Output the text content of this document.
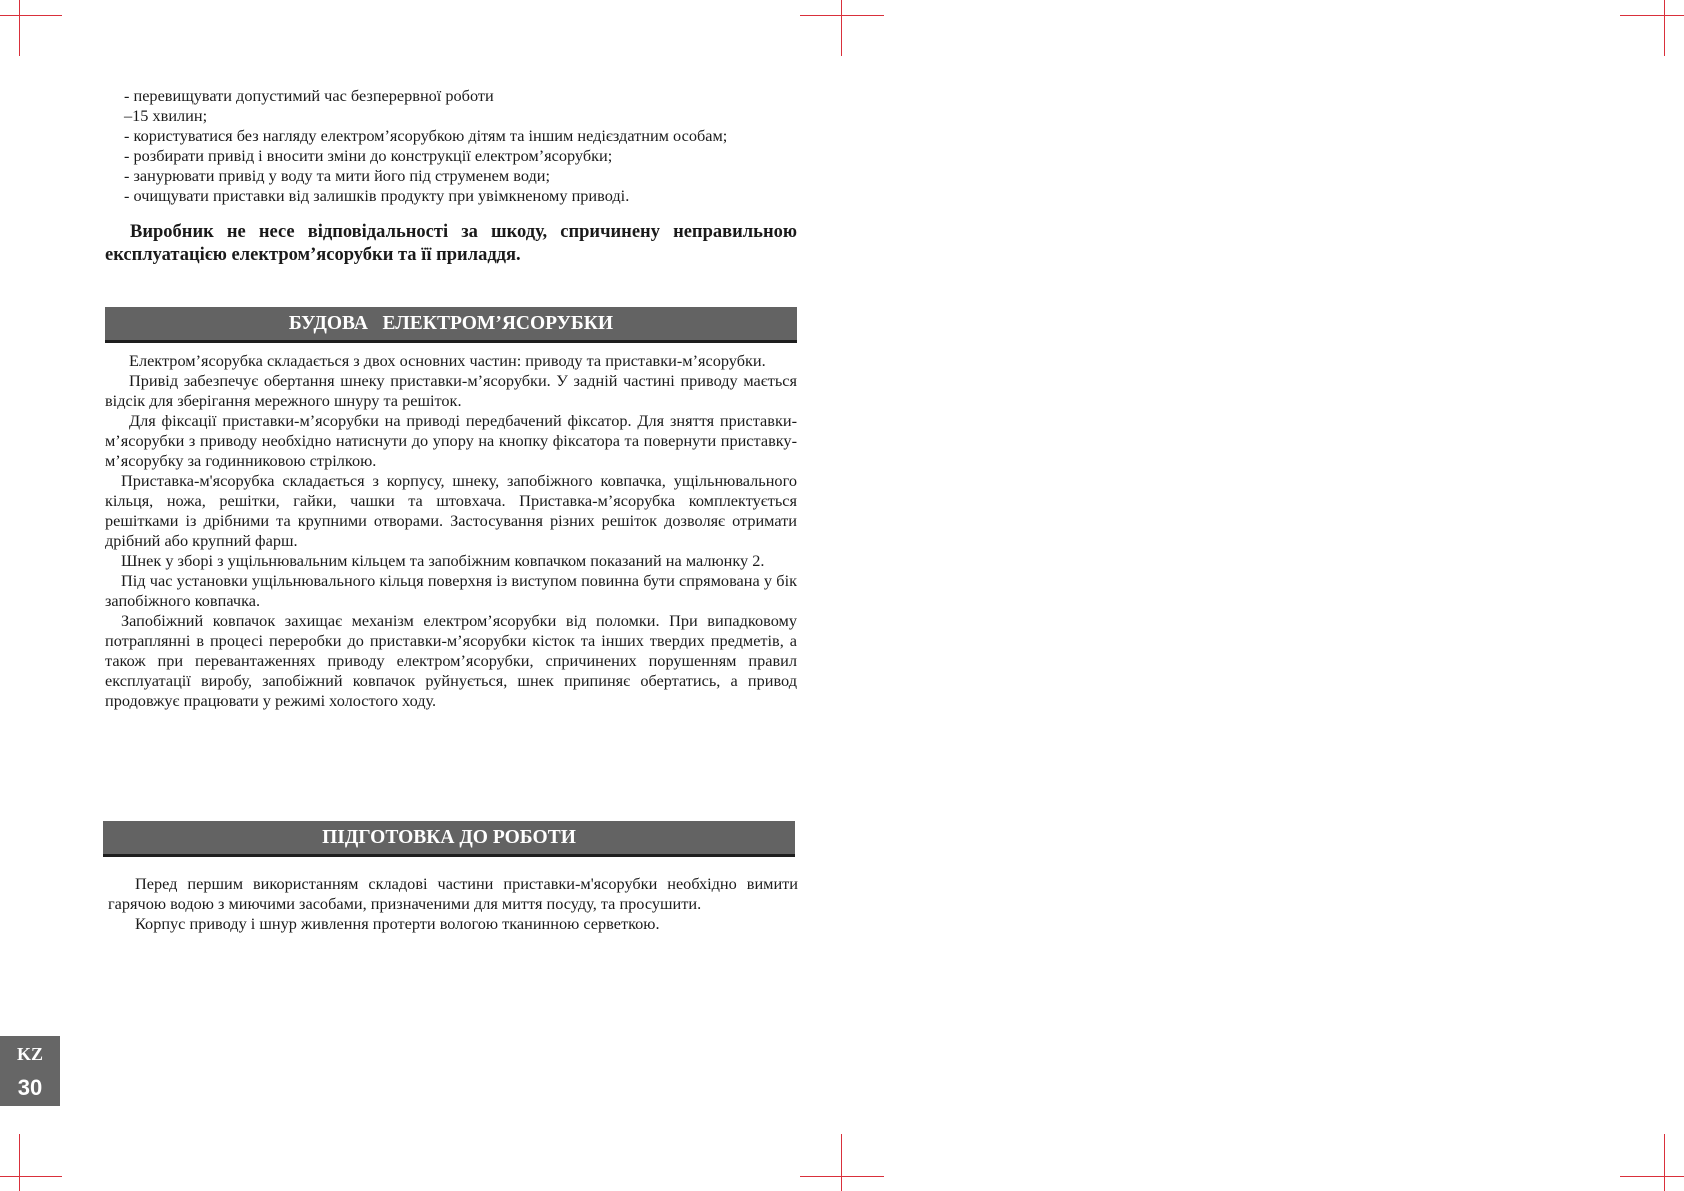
- перевищувати допустимий час безперервної роботи
–15 хвилин;
- користуватися без нагляду електром’ясорубкою дітям та іншим недієздатним особам;
- розбирати привід і вносити зміни до конструкції електром’ясорубки;
- занурювати привід у воду та мити його під струменем води;
- очищувати приставки від залишків продукту при увімкненому приводі.

Виробник не несе відповідальності за шкоду, спричинену неправильною експлуатацією електром’ясорубки та її приладдя.

БУДОВА   ЕЛЕКТРОМ’ЯСОРУБКИ

Електром’ясорубка складається з двох основних частин: приводу та приставки-м’ясорубки.

Привід забезпечує обертання шнеку приставки-м’ясорубки. У задній частині приводу мається відсік для зберігання мережного шнуру та решіток.

Для фіксації приставки-м’ясорубки на приводі передбачений фіксатор. Для зняття приставки-м’ясорубки з приводу необхідно натиснути до упору на кнопку фіксатора та повернути приставку-м’ясорубку за годинниковою стрілкою.

Приставка-м'ясорубка складається з корпусу, шнеку, запобіжного ковпачка, ущільнювального кільця, ножа, решітки, гайки, чашки та штовхача. Приставка-м’ясорубка комплектується решітками із дрібними та крупними отворами. Застосування різних решіток дозволяє отримати дрібний або крупний фарш.

Шнек у зборі з ущільнювальним кільцем та запобіжним ковпачком показаний на малюнку 2.

Під час установки ущільнювального кільця поверхня із виступом повинна бути спрямована у бік запобіжного ковпачка.

Запобіжний ковпачок захищає механізм електром’ясорубки від поломки. При випадковому потраплянні в процесі переробки до приставки-м’ясорубки кісток та інших твердих предметів, а також при перевантаженнях приводу електром’ясорубки, спричинених порушенням правил експлуатації виробу, запобіжний ковпачок руйнується, шнек припиняє обертатись, а привод продовжує працювати у режимі холостого ходу.

ПІДГОТОВКА ДО РОБОТИ

Перед першим використанням складові частини приставки-м'ясорубки необхідно вимити гарячою водою з миючими засобами, призначеними для миття посуду, та просушити.

Корпус приводу і шнур живлення протерти вологою тканинною серветкою.

KZ
30
